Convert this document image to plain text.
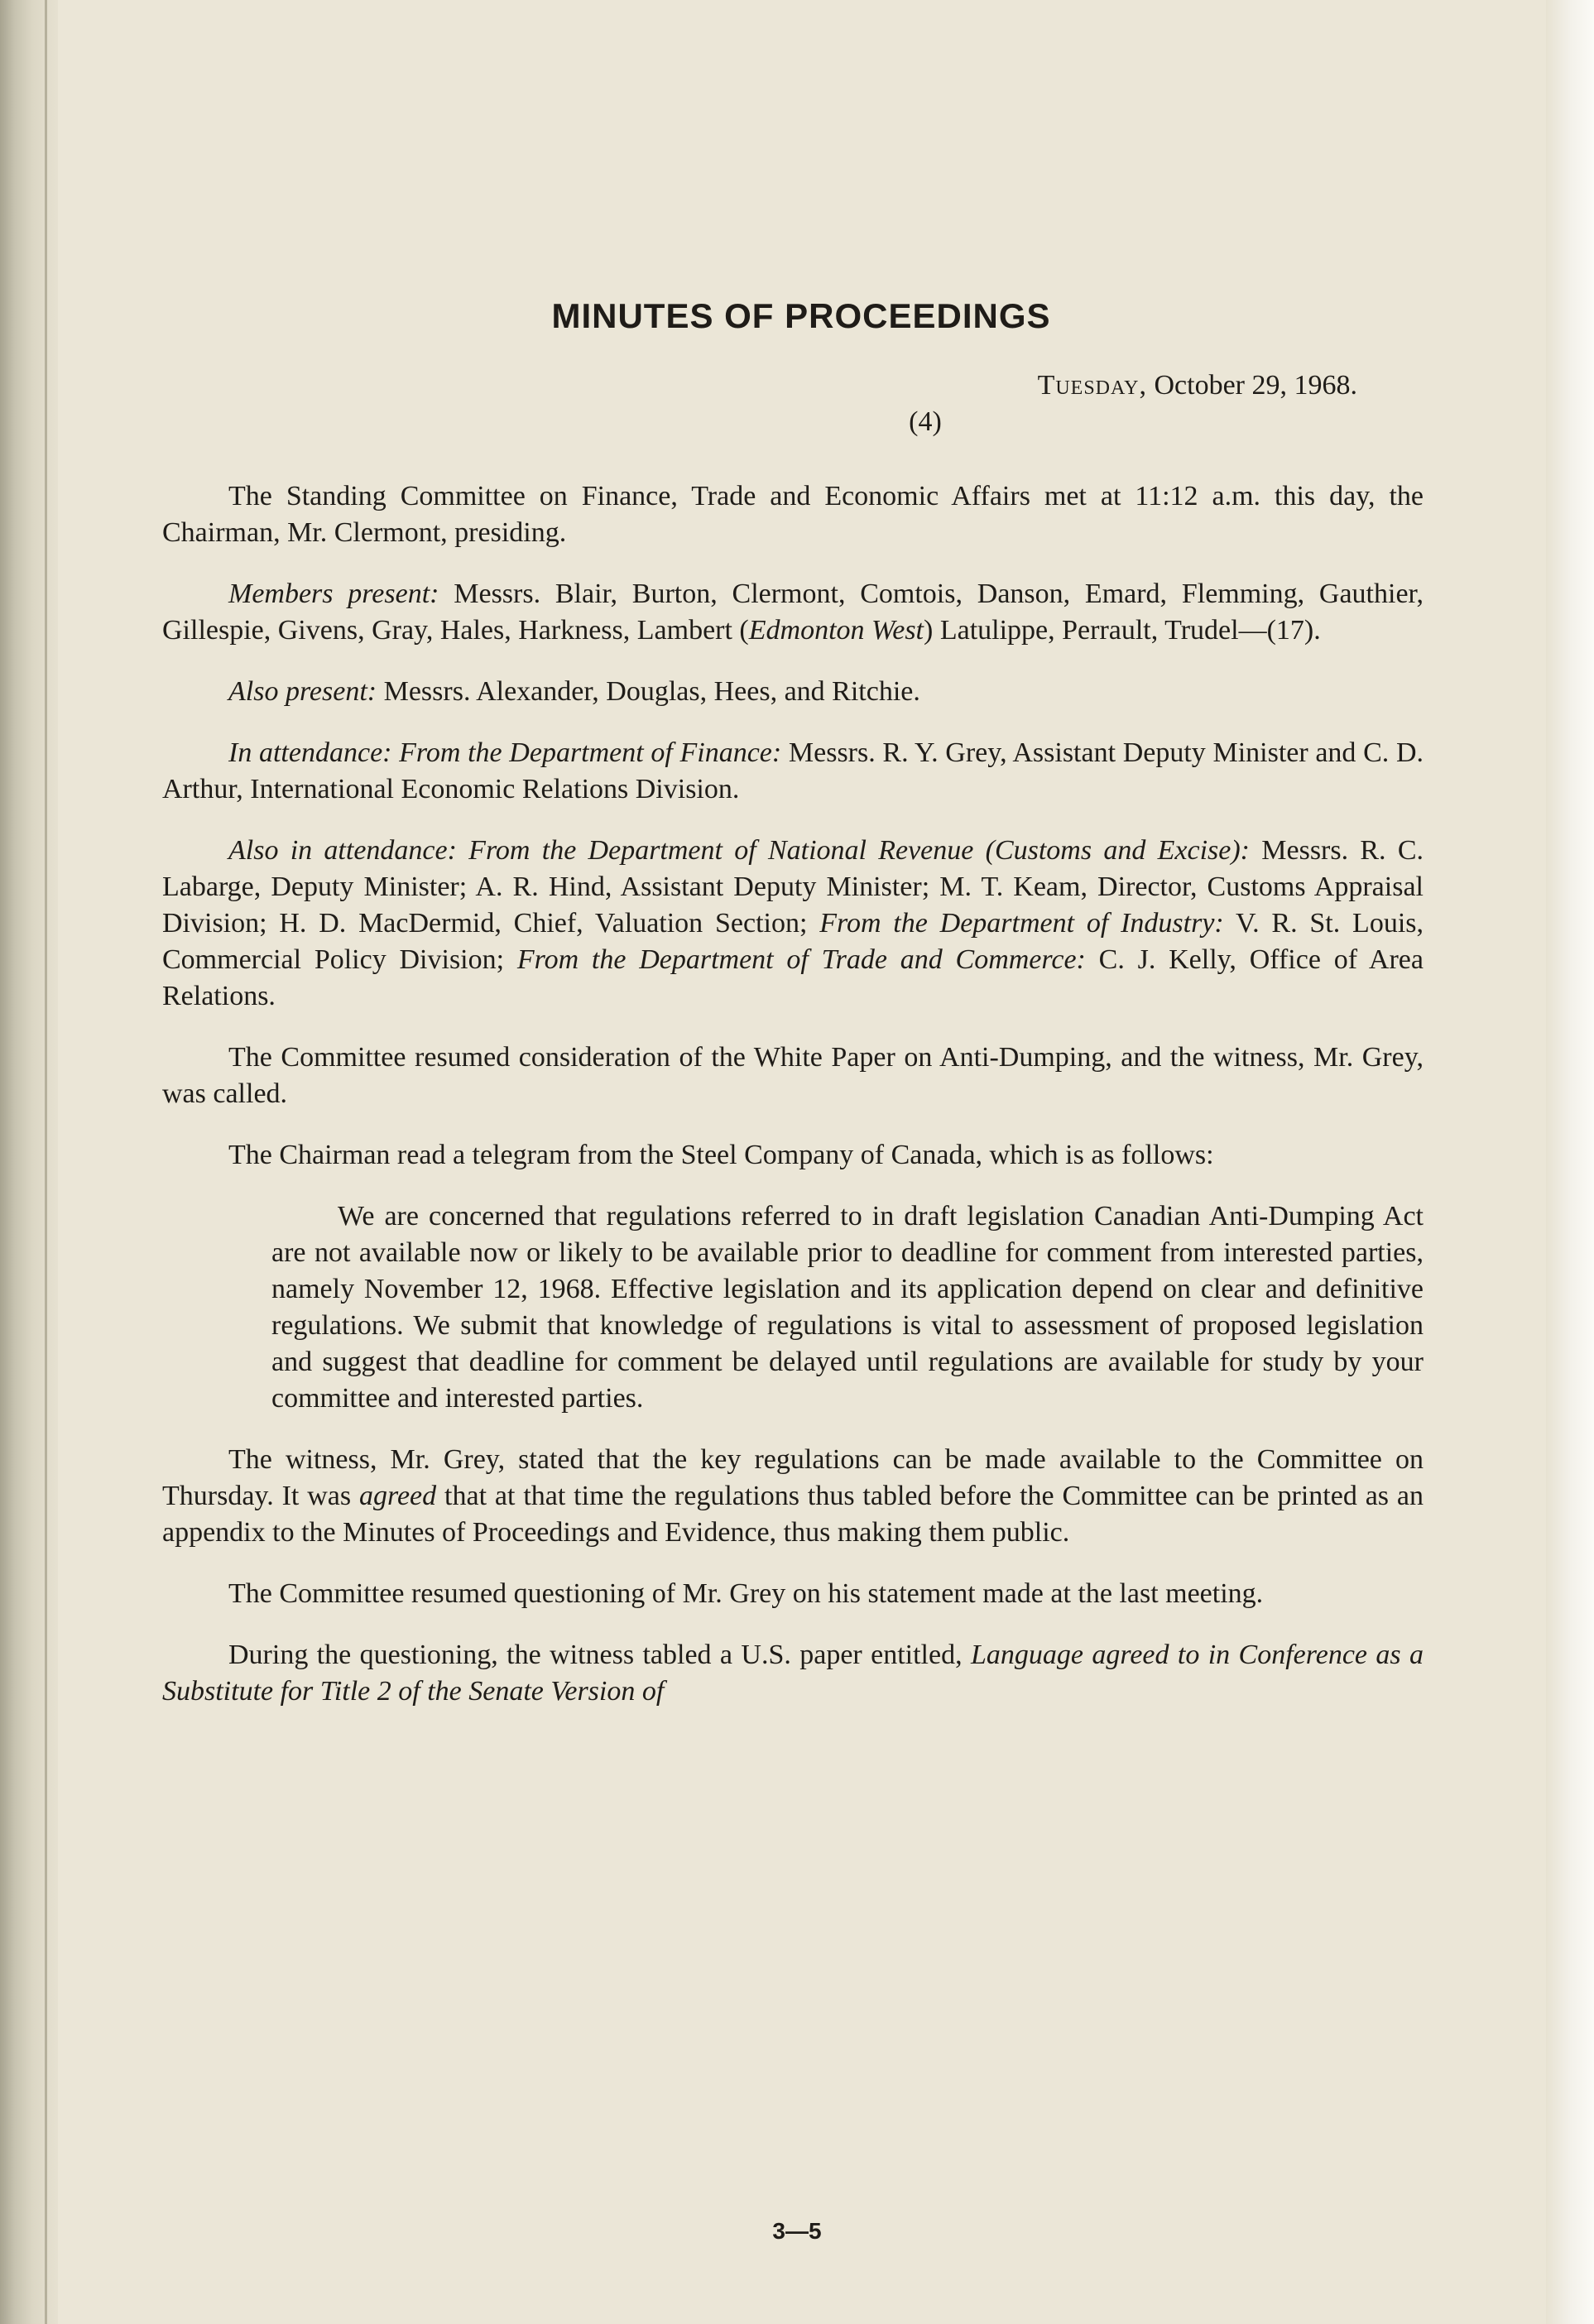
MINUTES OF PROCEEDINGS
Tuesday, October 29, 1968.
(4)

The Standing Committee on Finance, Trade and Economic Affairs met at 11:12 a.m. this day, the Chairman, Mr. Clermont, presiding.

Members present: Messrs. Blair, Burton, Clermont, Comtois, Danson, Emard, Flemming, Gauthier, Gillespie, Givens, Gray, Hales, Harkness, Lambert (Edmonton West) Latulippe, Perrault, Trudel—(17).

Also present: Messrs. Alexander, Douglas, Hees, and Ritchie.

In attendance: From the Department of Finance: Messrs. R. Y. Grey, Assistant Deputy Minister and C. D. Arthur, International Economic Relations Division.

Also in attendance: From the Department of National Revenue (Customs and Excise): Messrs. R. C. Labarge, Deputy Minister; A. R. Hind, Assistant Deputy Minister; M. T. Keam, Director, Customs Appraisal Division; H. D. MacDermid, Chief, Valuation Section; From the Department of Industry: V. R. St. Louis, Commercial Policy Division; From the Department of Trade and Commerce: C. J. Kelly, Office of Area Relations.

The Committee resumed consideration of the White Paper on Anti-Dumping, and the witness, Mr. Grey, was called.

The Chairman read a telegram from the Steel Company of Canada, which is as follows:

We are concerned that regulations referred to in draft legislation Canadian Anti-Dumping Act are not available now or likely to be available prior to deadline for comment from interested parties, namely November 12, 1968. Effective legislation and its application depend on clear and definitive regulations. We submit that knowledge of regulations is vital to assessment of proposed legislation and suggest that deadline for comment be delayed until regulations are available for study by your committee and interested parties.

The witness, Mr. Grey, stated that the key regulations can be made available to the Committee on Thursday. It was agreed that at that time the regulations thus tabled before the Committee can be printed as an appendix to the Minutes of Proceedings and Evidence, thus making them public.

The Committee resumed questioning of Mr. Grey on his statement made at the last meeting.

During the questioning, the witness tabled a U.S. paper entitled, Language agreed to in Conference as a Substitute for Title 2 of the Senate Version of

3—5
